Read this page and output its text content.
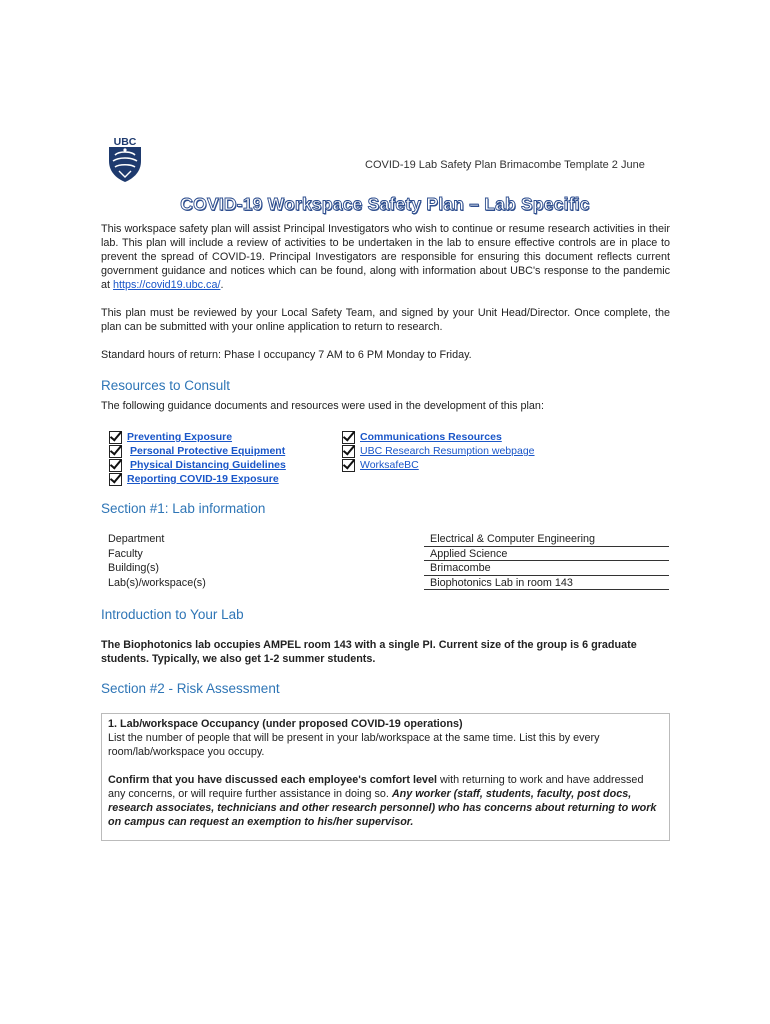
UBC
COVID-19 Lab Safety Plan Brimacombe Template 2 June
COVID-19 Workspace Safety Plan – Lab Specific
This workspace safety plan will assist Principal Investigators who wish to continue or resume research activities in their lab. This plan will include a review of activities to be undertaken in the lab to ensure effective controls are in place to prevent the spread of COVID-19. Principal Investigators are responsible for ensuring this document reflects current government guidance and notices which can be found, along with information about UBC's response to the pandemic at https://covid19.ubc.ca/.
This plan must be reviewed by your Local Safety Team, and signed by your Unit Head/Director. Once complete, the plan can be submitted with your online application to return to research.
Standard hours of return: Phase I occupancy 7 AM to 6 PM Monday to Friday.
Resources to Consult
The following guidance documents and resources were used in the development of this plan:
Preventing Exposure
Personal Protective Equipment
Physical Distancing Guidelines
Reporting COVID-19 Exposure
Communications Resources
UBC Research Resumption webpage
WorksafeBC
Section #1: Lab information
Department
Faculty
Building(s)
Lab(s)/workspace(s)
Electrical & Computer Engineering
Applied Science
Brimacombe
Biophotonics Lab in room 143
Introduction to Your Lab
The Biophotonics lab occupies AMPEL room 143 with a single PI. Current size of the group is 6 graduate students. Typically, we also get 1-2 summer students.
Section #2 - Risk Assessment

1. Lab/workspace Occupancy (under proposed COVID-19 operations)

List the number of people that will be present in your lab/workspace at the same time. List this by every room/lab/workspace you occupy.

Confirm that you have discussed each employee's comfort level with returning to work and have addressed any concerns, or will require further assistance in doing so. Any worker (staff, students, faculty, post docs, research associates, technicians and other research personnel) who has concerns about returning to work on campus can request an exemption to his/her supervisor.
